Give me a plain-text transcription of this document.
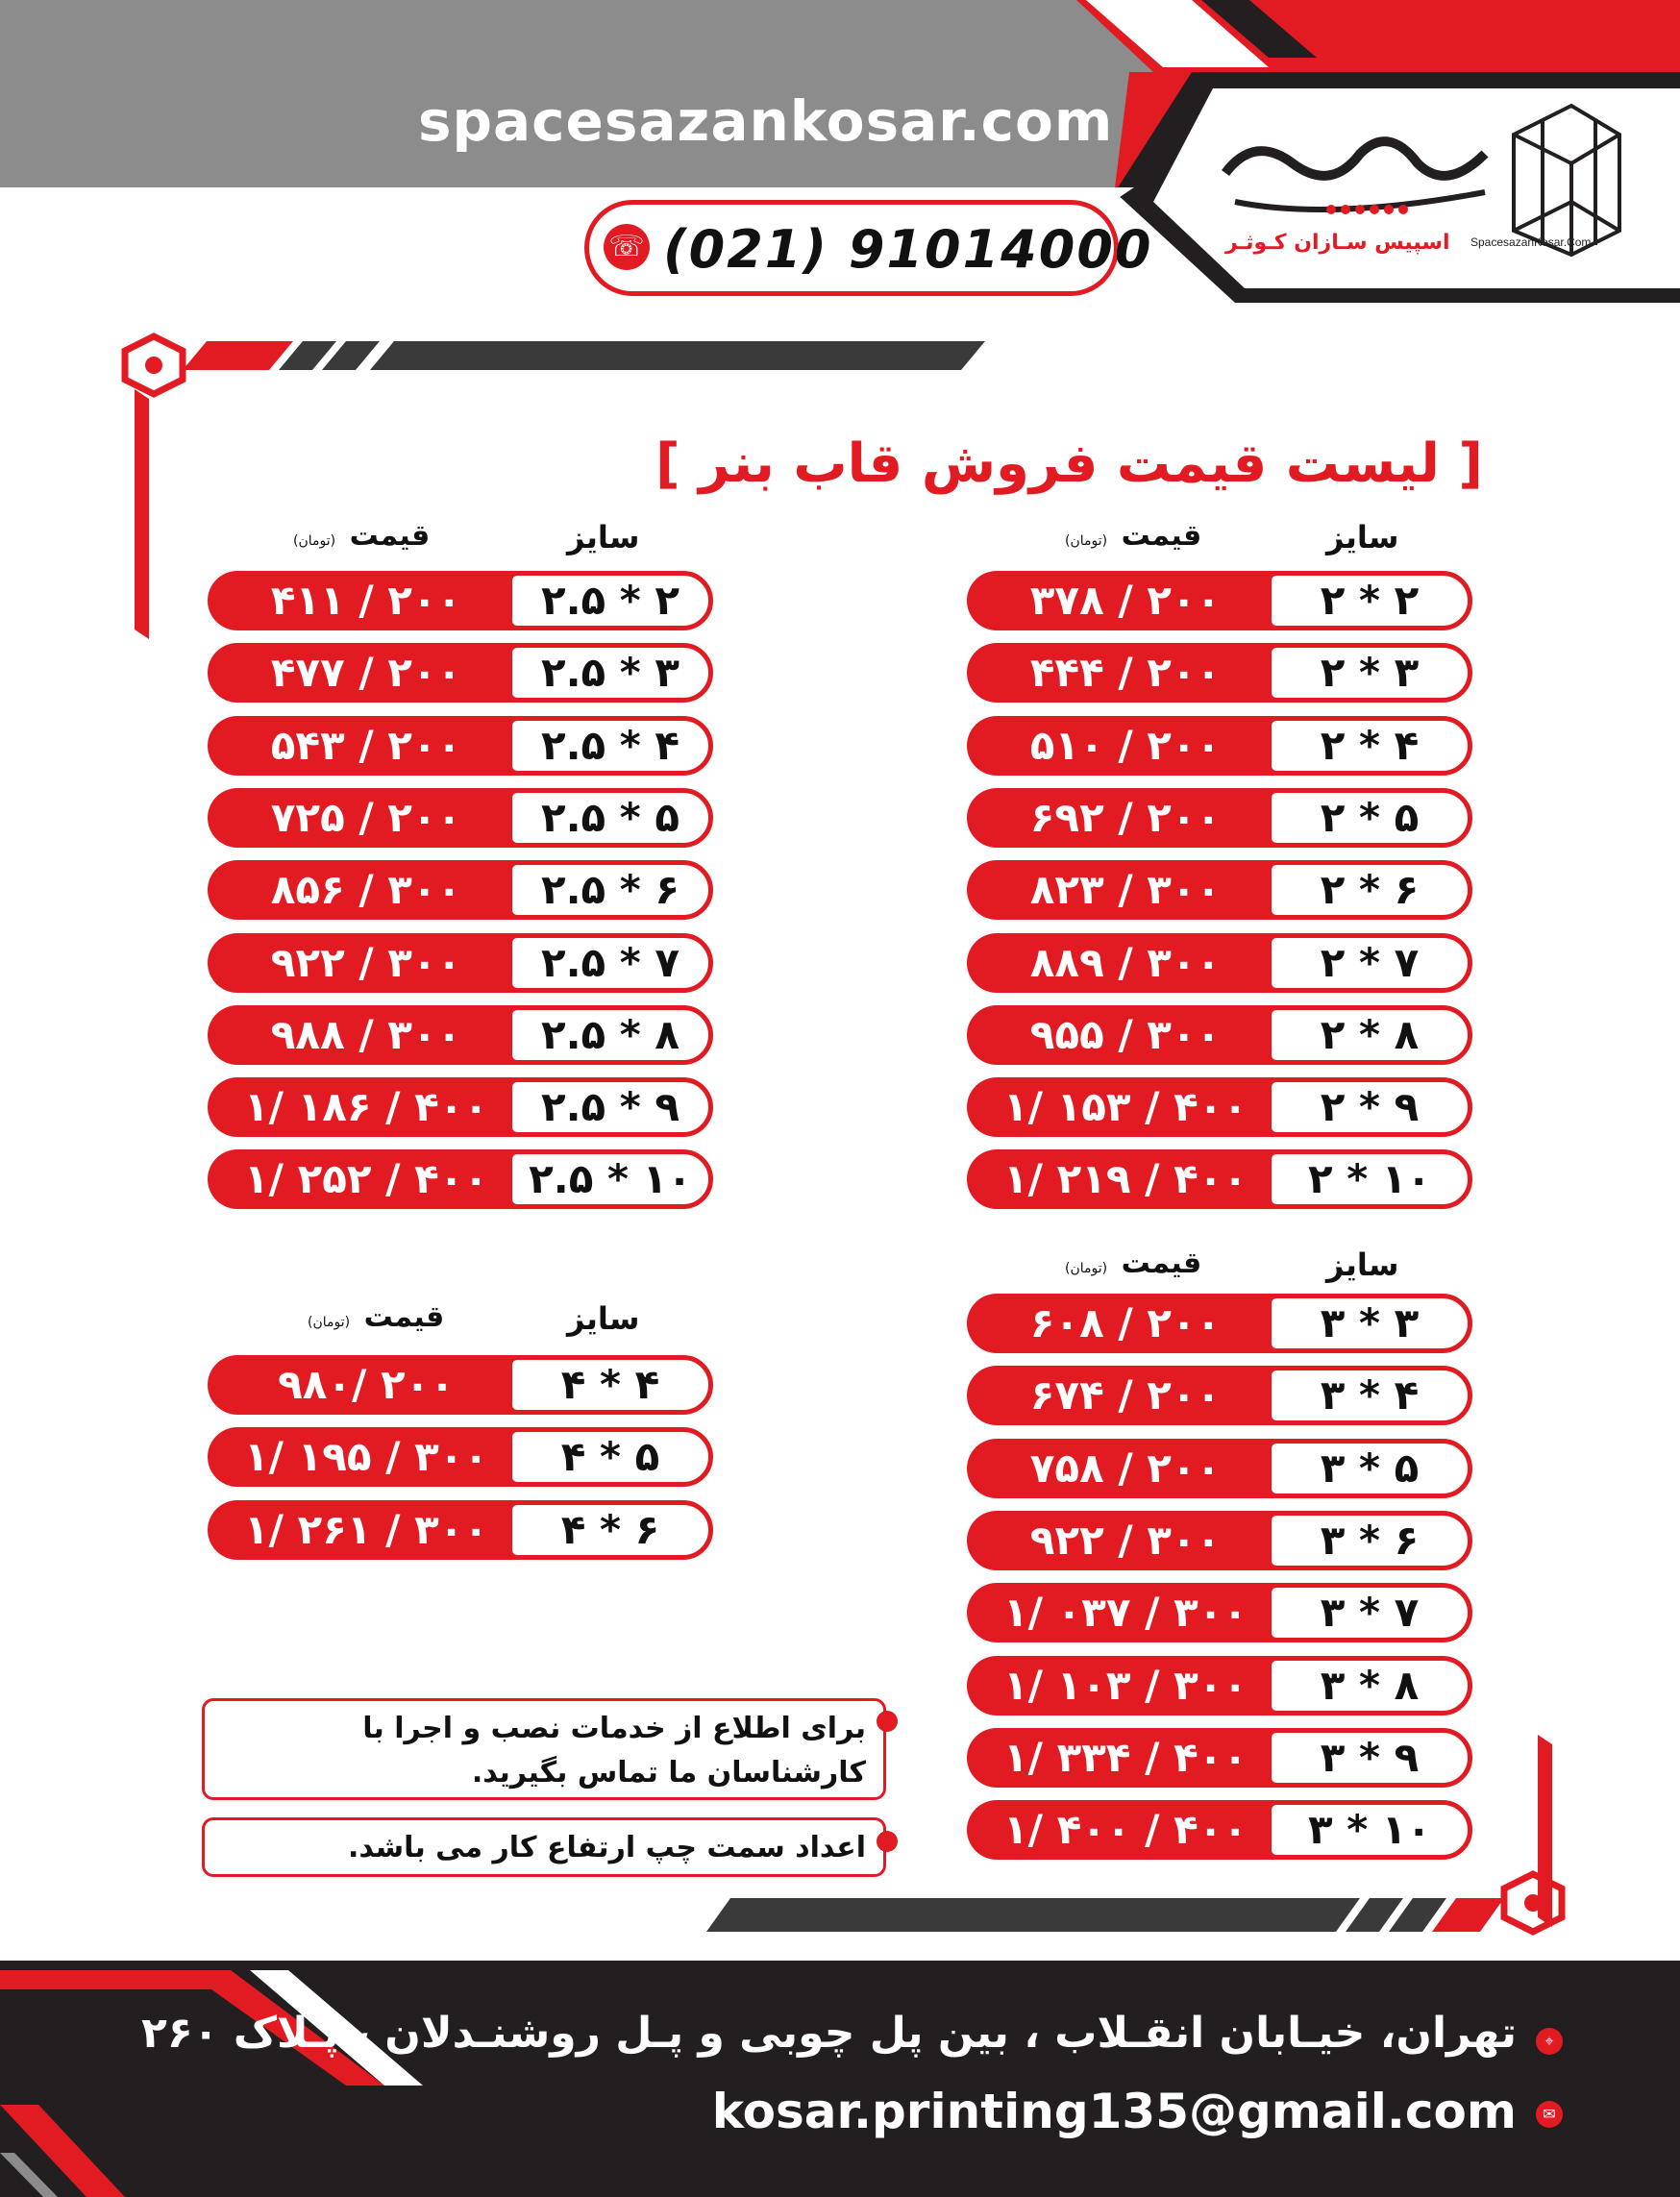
spacesazankosar.com
☏ (021) 91014000	اسپیس سـازان کـوثـر SpacesazanKosar.Com
[ لیست قیمت فروش قاب بنر ]
سایز
قیمت (تومان)
۳۷۸ / ۲۰۰	۲ * ۲
۴۴۴ / ۲۰۰	۲ * ۳
۵۱۰ / ۲۰۰	۲ * ۴
۶۹۲ / ۲۰۰	۲ * ۵
۸۲۳ / ۳۰۰	۲ * ۶
۸۸۹ / ۳۰۰	۲ * ۷
۹۵۵ / ۳۰۰	۲ * ۸
۱/ ۱۵۳ / ۴۰۰	۲ * ۹
۱/ ۲۱۹ / ۴۰۰	۲ * ۱۰
سایز
قیمت (تومان)
۴۱۱ / ۲۰۰	۲.۵ * ۲
۴۷۷ / ۲۰۰	۲.۵ * ۳
۵۴۳ / ۲۰۰	۲.۵ * ۴
۷۲۵ / ۲۰۰	۲.۵ * ۵
۸۵۶ / ۳۰۰	۲.۵ * ۶
۹۲۲ / ۳۰۰	۲.۵ * ۷
۹۸۸ / ۳۰۰	۲.۵ * ۸
۱/ ۱۸۶ / ۴۰۰	۲.۵ * ۹
۱/ ۲۵۲ / ۴۰۰	۲.۵ * ۱۰
سایز
قیمت (تومان)
۶۰۸ / ۲۰۰	۳ * ۳
۶۷۴ / ۲۰۰	۳ * ۴
۷۵۸ / ۲۰۰	۳ * ۵
۹۲۲ / ۳۰۰	۳ * ۶
۱/ ۰۳۷ / ۳۰۰	۳ * ۷
۱/ ۱۰۳ / ۳۰۰	۳ * ۸
۱/ ۳۳۴ / ۴۰۰	۳ * ۹
۱/ ۴۰۰ / ۴۰۰	۳ * ۱۰
سایز
قیمت (تومان)
۹۸۰/ ۲۰۰	۴ * ۴
۱/ ۱۹۵ / ۳۰۰	۴ * ۵
۱/ ۲۶۱ / ۳۰۰	۴ * ۶
برای اطلاع از خدمات نصب و اجرا با کارشناسان ما تماس بگیرید.
اعداد سمت چپ ارتفاع کار می باشد.
⌖
تهران، خیـابان انقـلاب ، بین پل چوبی و پـل روشنـدلان ، پـلاک ۲۶۰
✉
kosar.printing135@gmail.com
